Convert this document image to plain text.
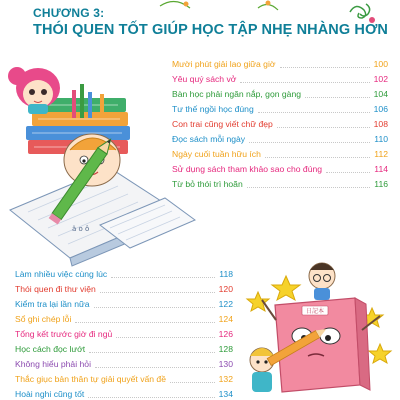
ă o ô
日記本
CHƯƠNG 3:
THÓI QUEN TỐT GIÚP HỌC TẬP NHẸ NHÀNG HƠN
Mười phút giải lao giữa giờ	100
Yêu quý sách vở	102
Bàn học phải ngăn nắp, gọn gàng	104
Tư thế ngồi học đúng	106
Con trai cũng viết chữ đẹp	108
Đọc sách mỗi ngày	110
Ngày cuối tuần hữu ích	112
Sử dụng sách tham khảo sao cho đúng	114
Từ bỏ thói trì hoãn	116
Làm nhiều việc cùng lúc	118
Thói quen đi thư viện	120
Kiểm tra lại lần nữa	122
Sổ ghi chép lỗi	124
Tổng kết trước giờ đi ngủ	126
Học cách đọc lướt	128
Không hiểu phải hỏi	130
Thắc giục bản thân tự giải quyết vấn đề	132
Hoài nghi cũng tốt	134
